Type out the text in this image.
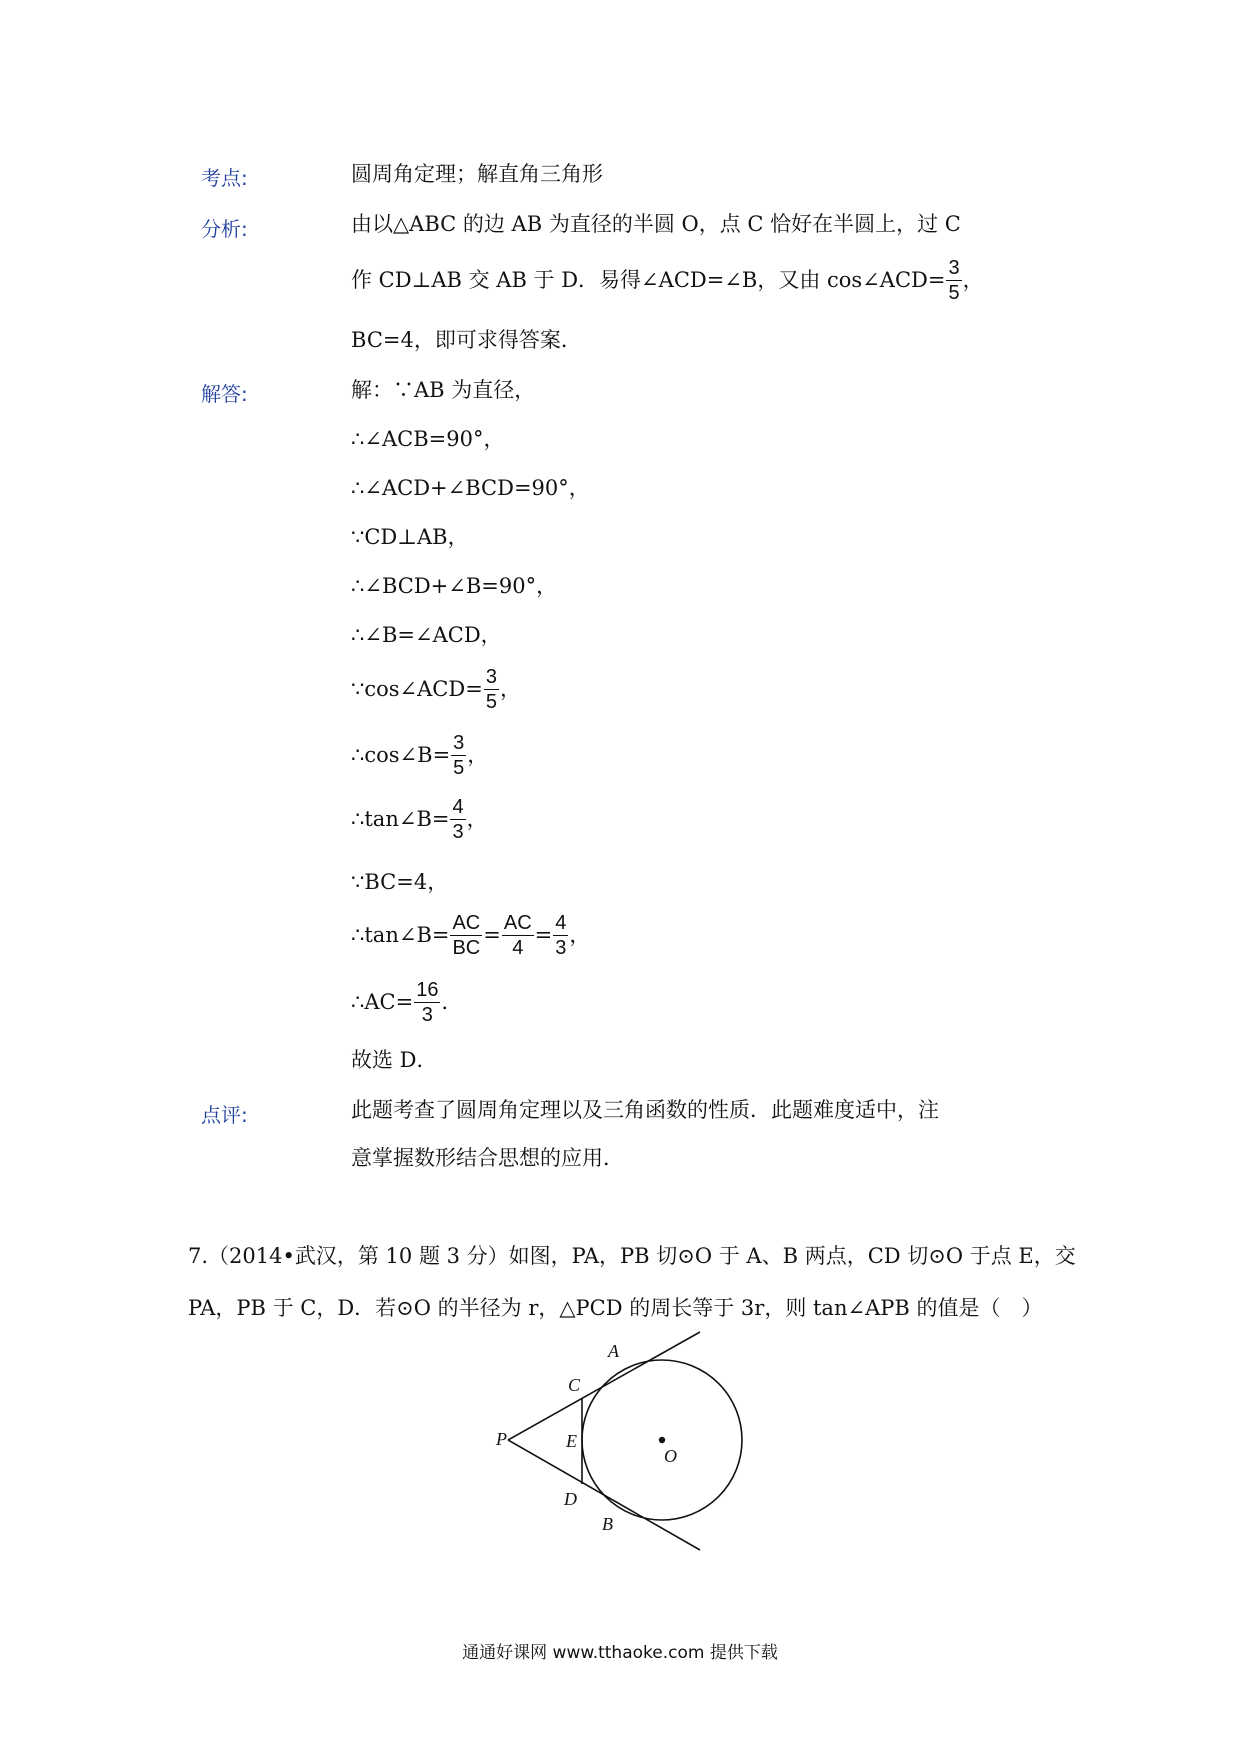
考点:	圆周角定理；解直角三角形
分析:	由以△ABC 的边 AB 为直径的半圆 O，点 C 恰好在半圆上，过 C
作 CD⊥AB 交 AB 于 D．易得∠ACD=∠B，又由 cos∠ACD= $\frac{3}{5}$ ，
BC=4，即可求得答案．
解答:	解：∵AB 为直径，
∴∠ACB=90°，
∴∠ACD+∠BCD=90°，
∵CD⊥AB，
∴∠BCD+∠B=90°，
∴∠B=∠ACD，
∵cos∠ACD= $\frac{3}{5}$ ，
∴cos∠B= $\frac{3}{5}$ ，
∴tan∠B= $\frac{4}{3}$ ，
∵BC=4，
∴tan∠B= $\frac{AC}{BC} = \frac{AC}{4} = \frac{4}{3}$ ，
∴AC= $\frac{16}{3}$ ．
故选 D．
点评:	此题考查了圆周角定理以及三角函数的性质．此题难度适中，注
意掌握数形结合思想的应用．
7.（2014•武汉，第 10 题 3 分）如图，PA，PB 切⊙O 于 A、B 两点，CD 切⊙O 于点 E，交
PA，PB 于 C，D．若⊙O 的半径为 r，△PCD 的周长等于 3r，则 tan∠APB 的值是（　）
P
A
C
E
D
B
O
通通好课网 www.tthaoke.com 提供下载
